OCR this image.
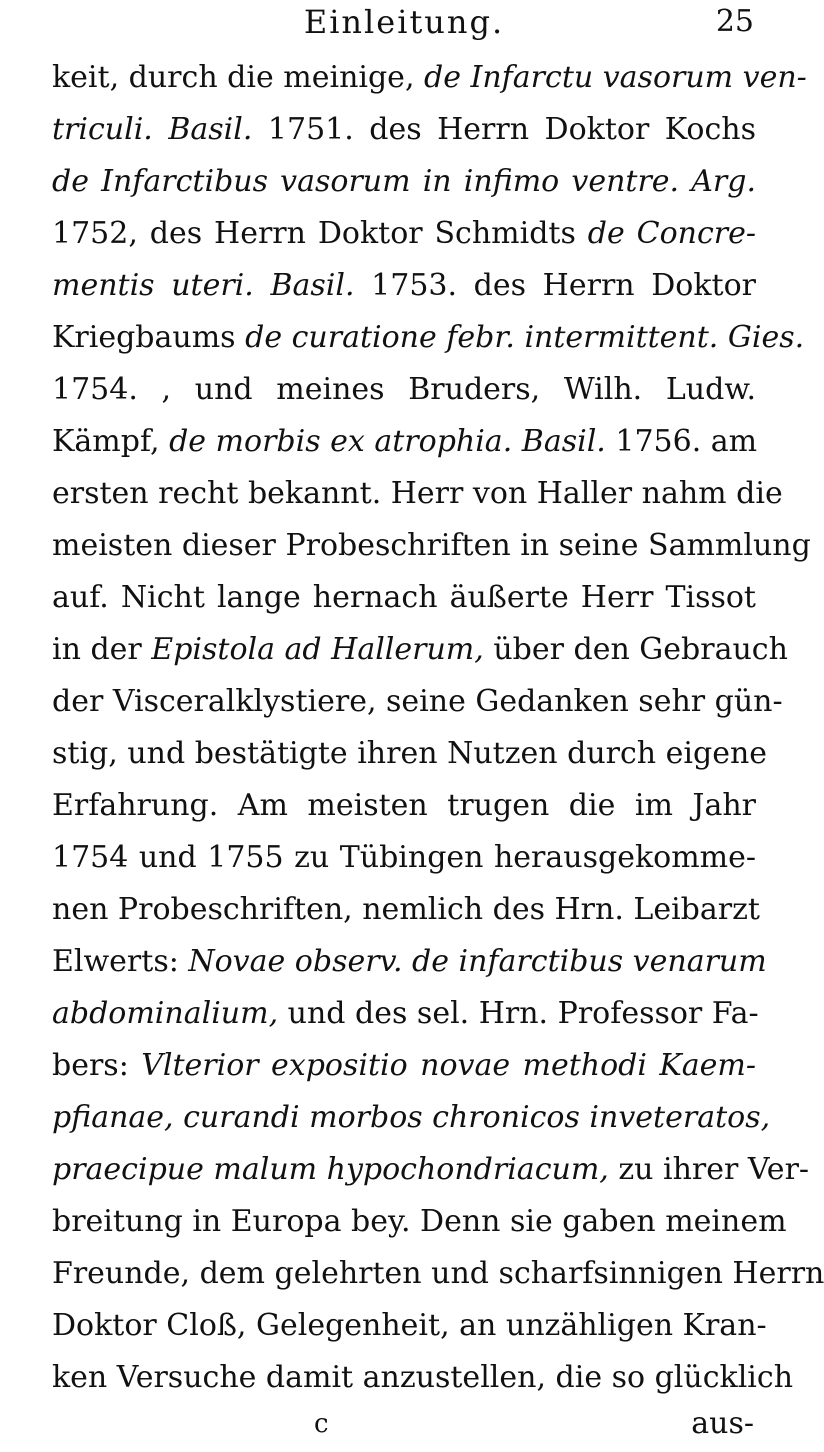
Einleitung.	25
keit, durch die meinige, de Infarctu vasorum ven-
triculi. Basil. 1751. des Herrn Doktor Kochs
de Infarctibus vasorum in infimo ventre. Arg.
1752, des Herrn Doktor Schmidts de Concre-
mentis uteri. Basil. 1753. des Herrn Doktor
Kriegbaums de curatione febr. intermittent. Gies.
1754. , und meines Bruders, Wilh. Ludw.
Kämpf, de morbis ex atrophia. Basil. 1756. am
ersten recht bekannt. Herr von Haller nahm die
meisten dieser Probeschriften in seine Sammlung
auf. Nicht lange hernach äußerte Herr Tissot
in der Epistola ad Hallerum, über den Gebrauch
der Visceralklystiere, seine Gedanken sehr gün-
stig, und bestätigte ihren Nutzen durch eigene
Erfahrung. Am meisten trugen die im Jahr
1754 und 1755 zu Tübingen herausgekomme-
nen Probeschriften, nemlich des Hrn. Leibarzt
Elwerts: Novae observ. de infarctibus venarum
abdominalium, und des sel. Hrn. Professor Fa-
bers: Vlterior expositio novae methodi Kaem-
pfianae, curandi morbos chronicos inveteratos,
praecipue malum hypochondriacum, zu ihrer Ver-
breitung in Europa bey. Denn sie gaben meinem
Freunde, dem gelehrten und scharfsinnigen Herrn
Doktor Cloß, Gelegenheit, an unzähligen Kran-
ken Versuche damit anzustellen, die so glücklich
c	aus-
